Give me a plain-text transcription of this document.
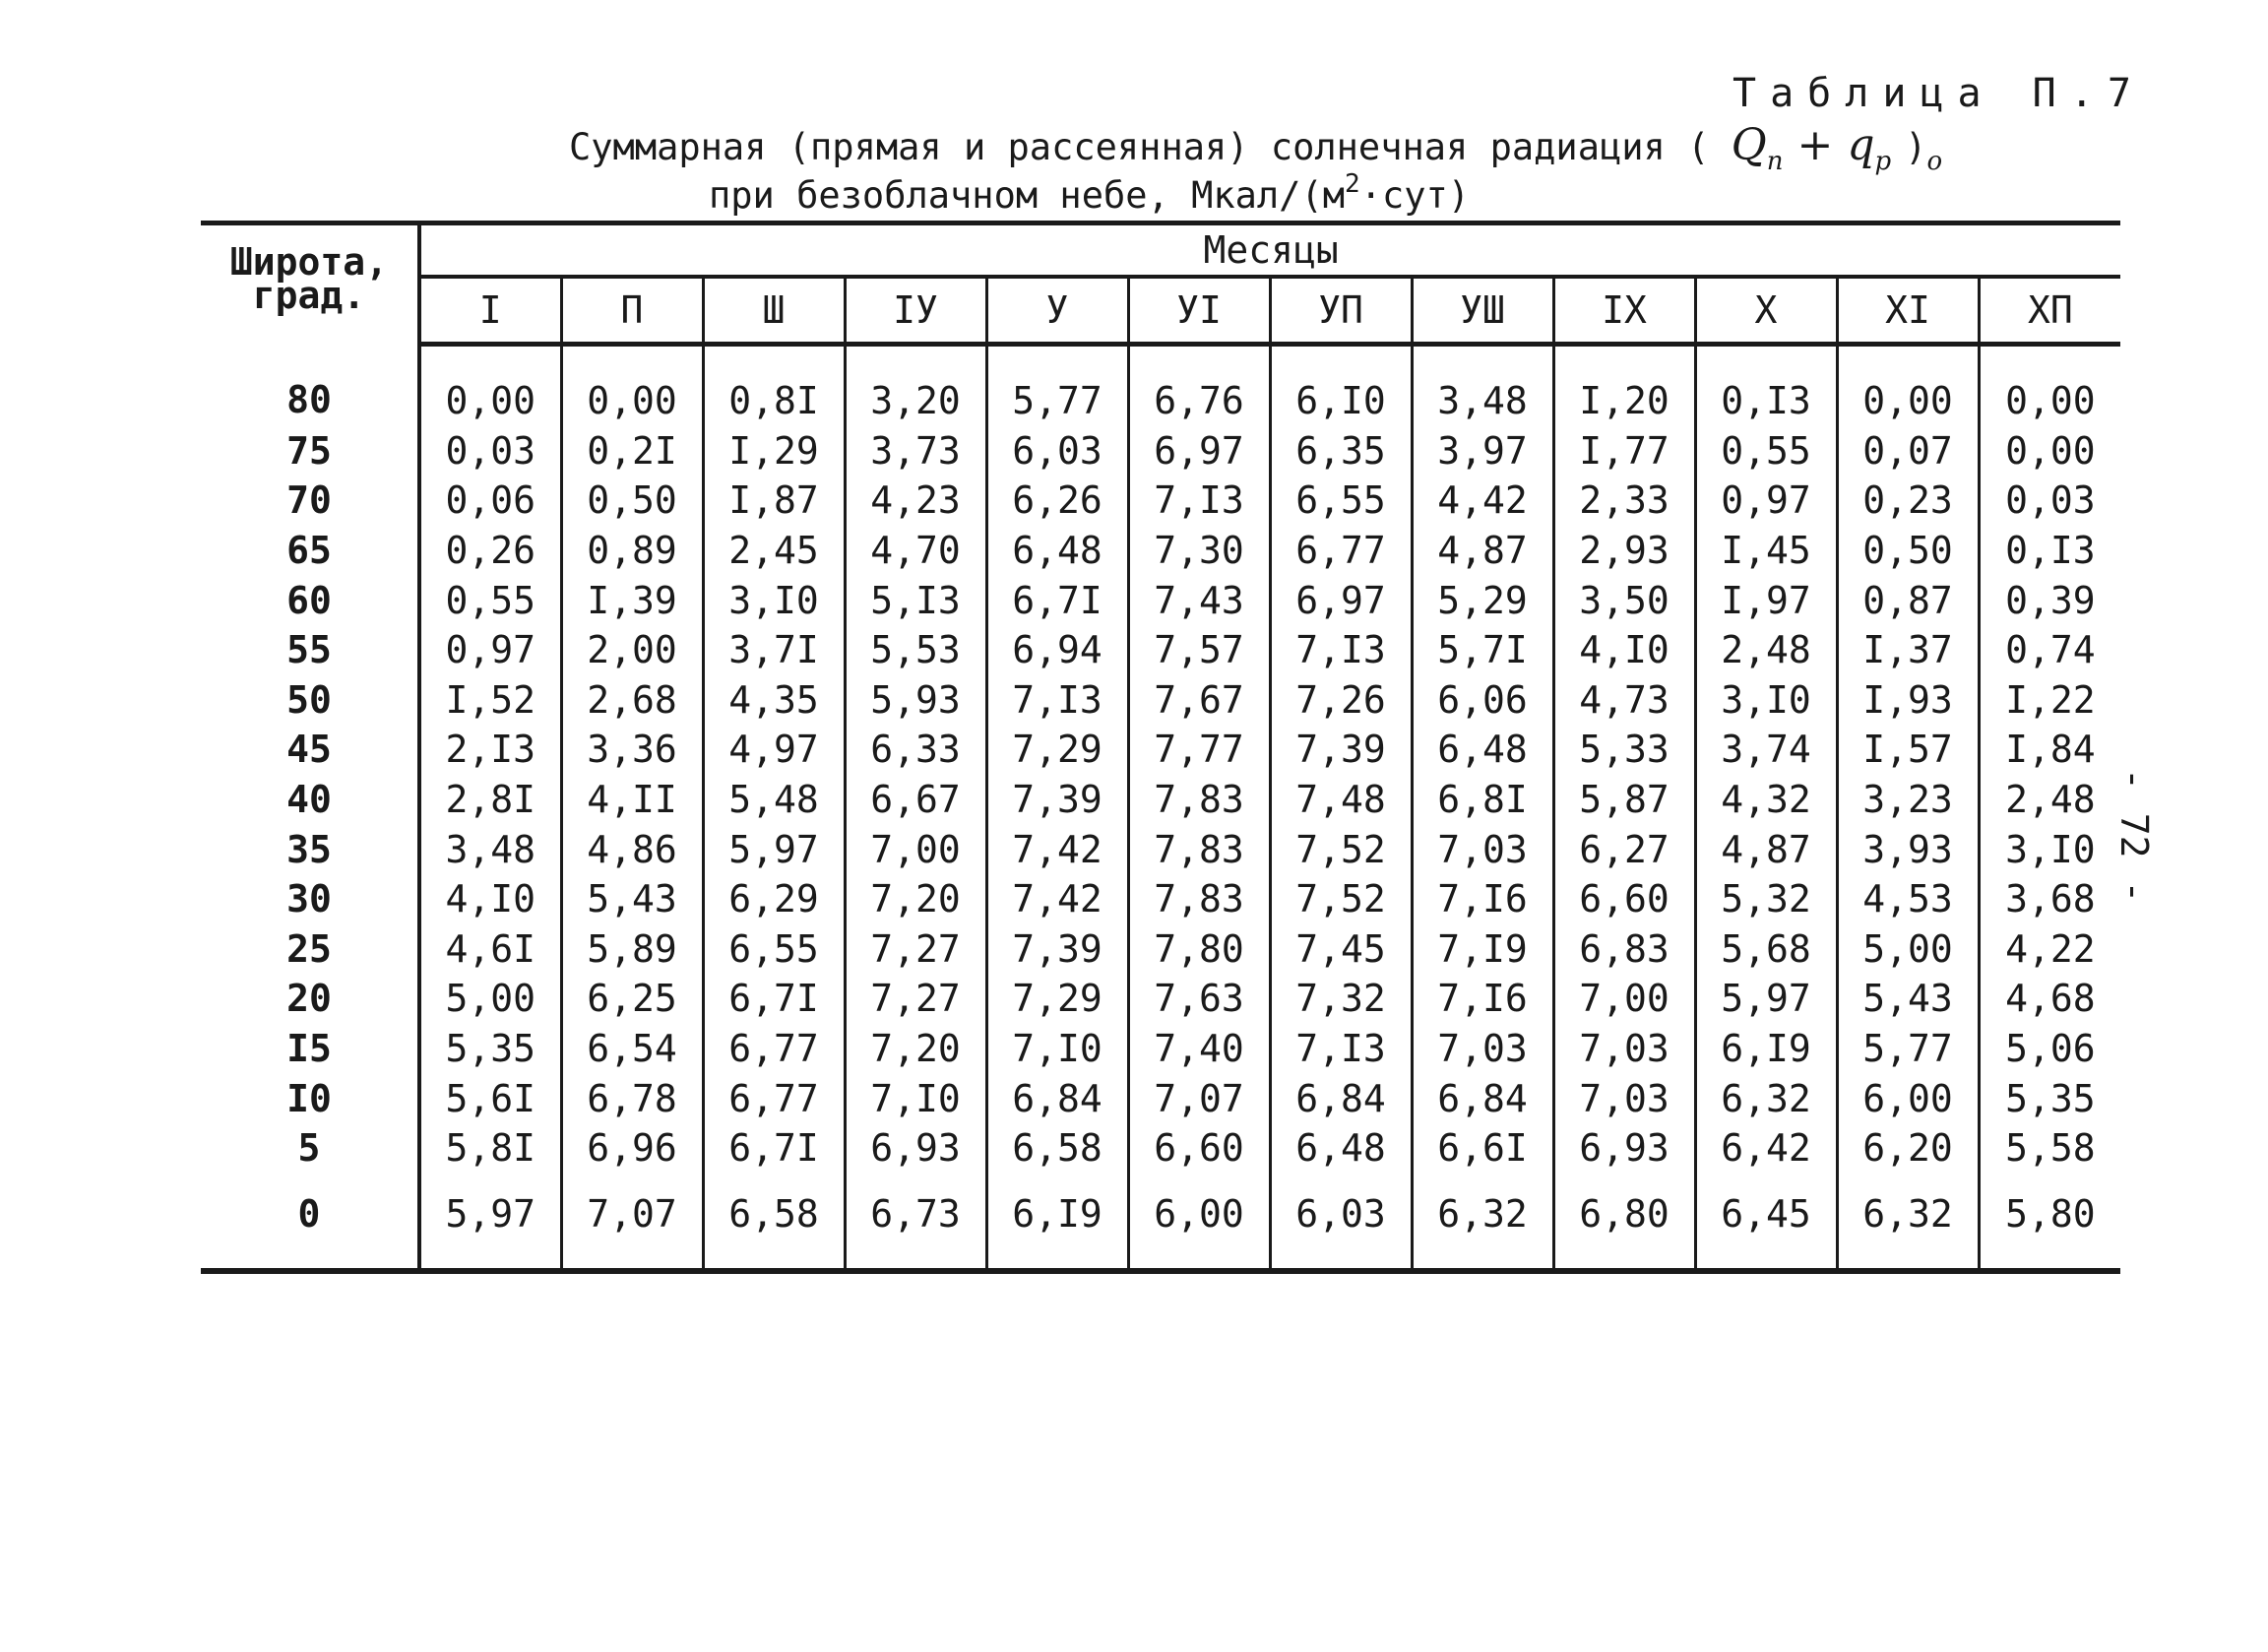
Таблица П.7
Суммарная (прямая и рассеянная) солнечная радиация ( $Q_п + q_р$ )$_о$
при безоблачном небе, Мкал/$(м^2\cdot сут)$
Широта,
град.	Месяцы											
	I	П	Ш	IУ	У	УI	УП	УШ	IX	X	XI	XП
80	0,00	0,00	0,8I	3,20	5,77	6,76	6,I0	3,48	I,20	0,I3	0,00	0,00
75	0,03	0,2I	I,29	3,73	6,03	6,97	6,35	3,97	I,77	0,55	0,07	0,00
70	0,06	0,50	I,87	4,23	6,26	7,I3	6,55	4,42	2,33	0,97	0,23	0,03
65	0,26	0,89	2,45	4,70	6,48	7,30	6,77	4,87	2,93	I,45	0,50	0,I3
60	0,55	I,39	3,I0	5,I3	6,7I	7,43	6,97	5,29	3,50	I,97	0,87	0,39
55	0,97	2,00	3,7I	5,53	6,94	7,57	7,I3	5,7I	4,I0	2,48	I,37	0,74
50	I,52	2,68	4,35	5,93	7,I3	7,67	7,26	6,06	4,73	3,I0	I,93	I,22
45	2,I3	3,36	4,97	6,33	7,29	7,77	7,39	6,48	5,33	3,74	I,57	I,84
40	2,8I	4,II	5,48	6,67	7,39	7,83	7,48	6,8I	5,87	4,32	3,23	2,48
35	3,48	4,86	5,97	7,00	7,42	7,83	7,52	7,03	6,27	4,87	3,93	3,I0
30	4,I0	5,43	6,29	7,20	7,42	7,83	7,52	7,I6	6,60	5,32	4,53	3,68
25	4,6I	5,89	6,55	7,27	7,39	7,80	7,45	7,I9	6,83	5,68	5,00	4,22
20	5,00	6,25	6,7I	7,27	7,29	7,63	7,32	7,I6	7,00	5,97	5,43	4,68
I5	5,35	6,54	6,77	7,20	7,I0	7,40	7,I3	7,03	7,03	6,I9	5,77	5,06
I0	5,6I	6,78	6,77	7,I0	6,84	7,07	6,84	6,84	7,03	6,32	6,00	5,35
5	5,8I	6,96	6,7I	6,93	6,58	6,60	6,48	6,6I	6,93	6,42	6,20	5,58
0	5,97	7,07	6,58	6,73	6,I9	6,00	6,03	6,32	6,80	6,45	6,32	5,80
- 72 -
